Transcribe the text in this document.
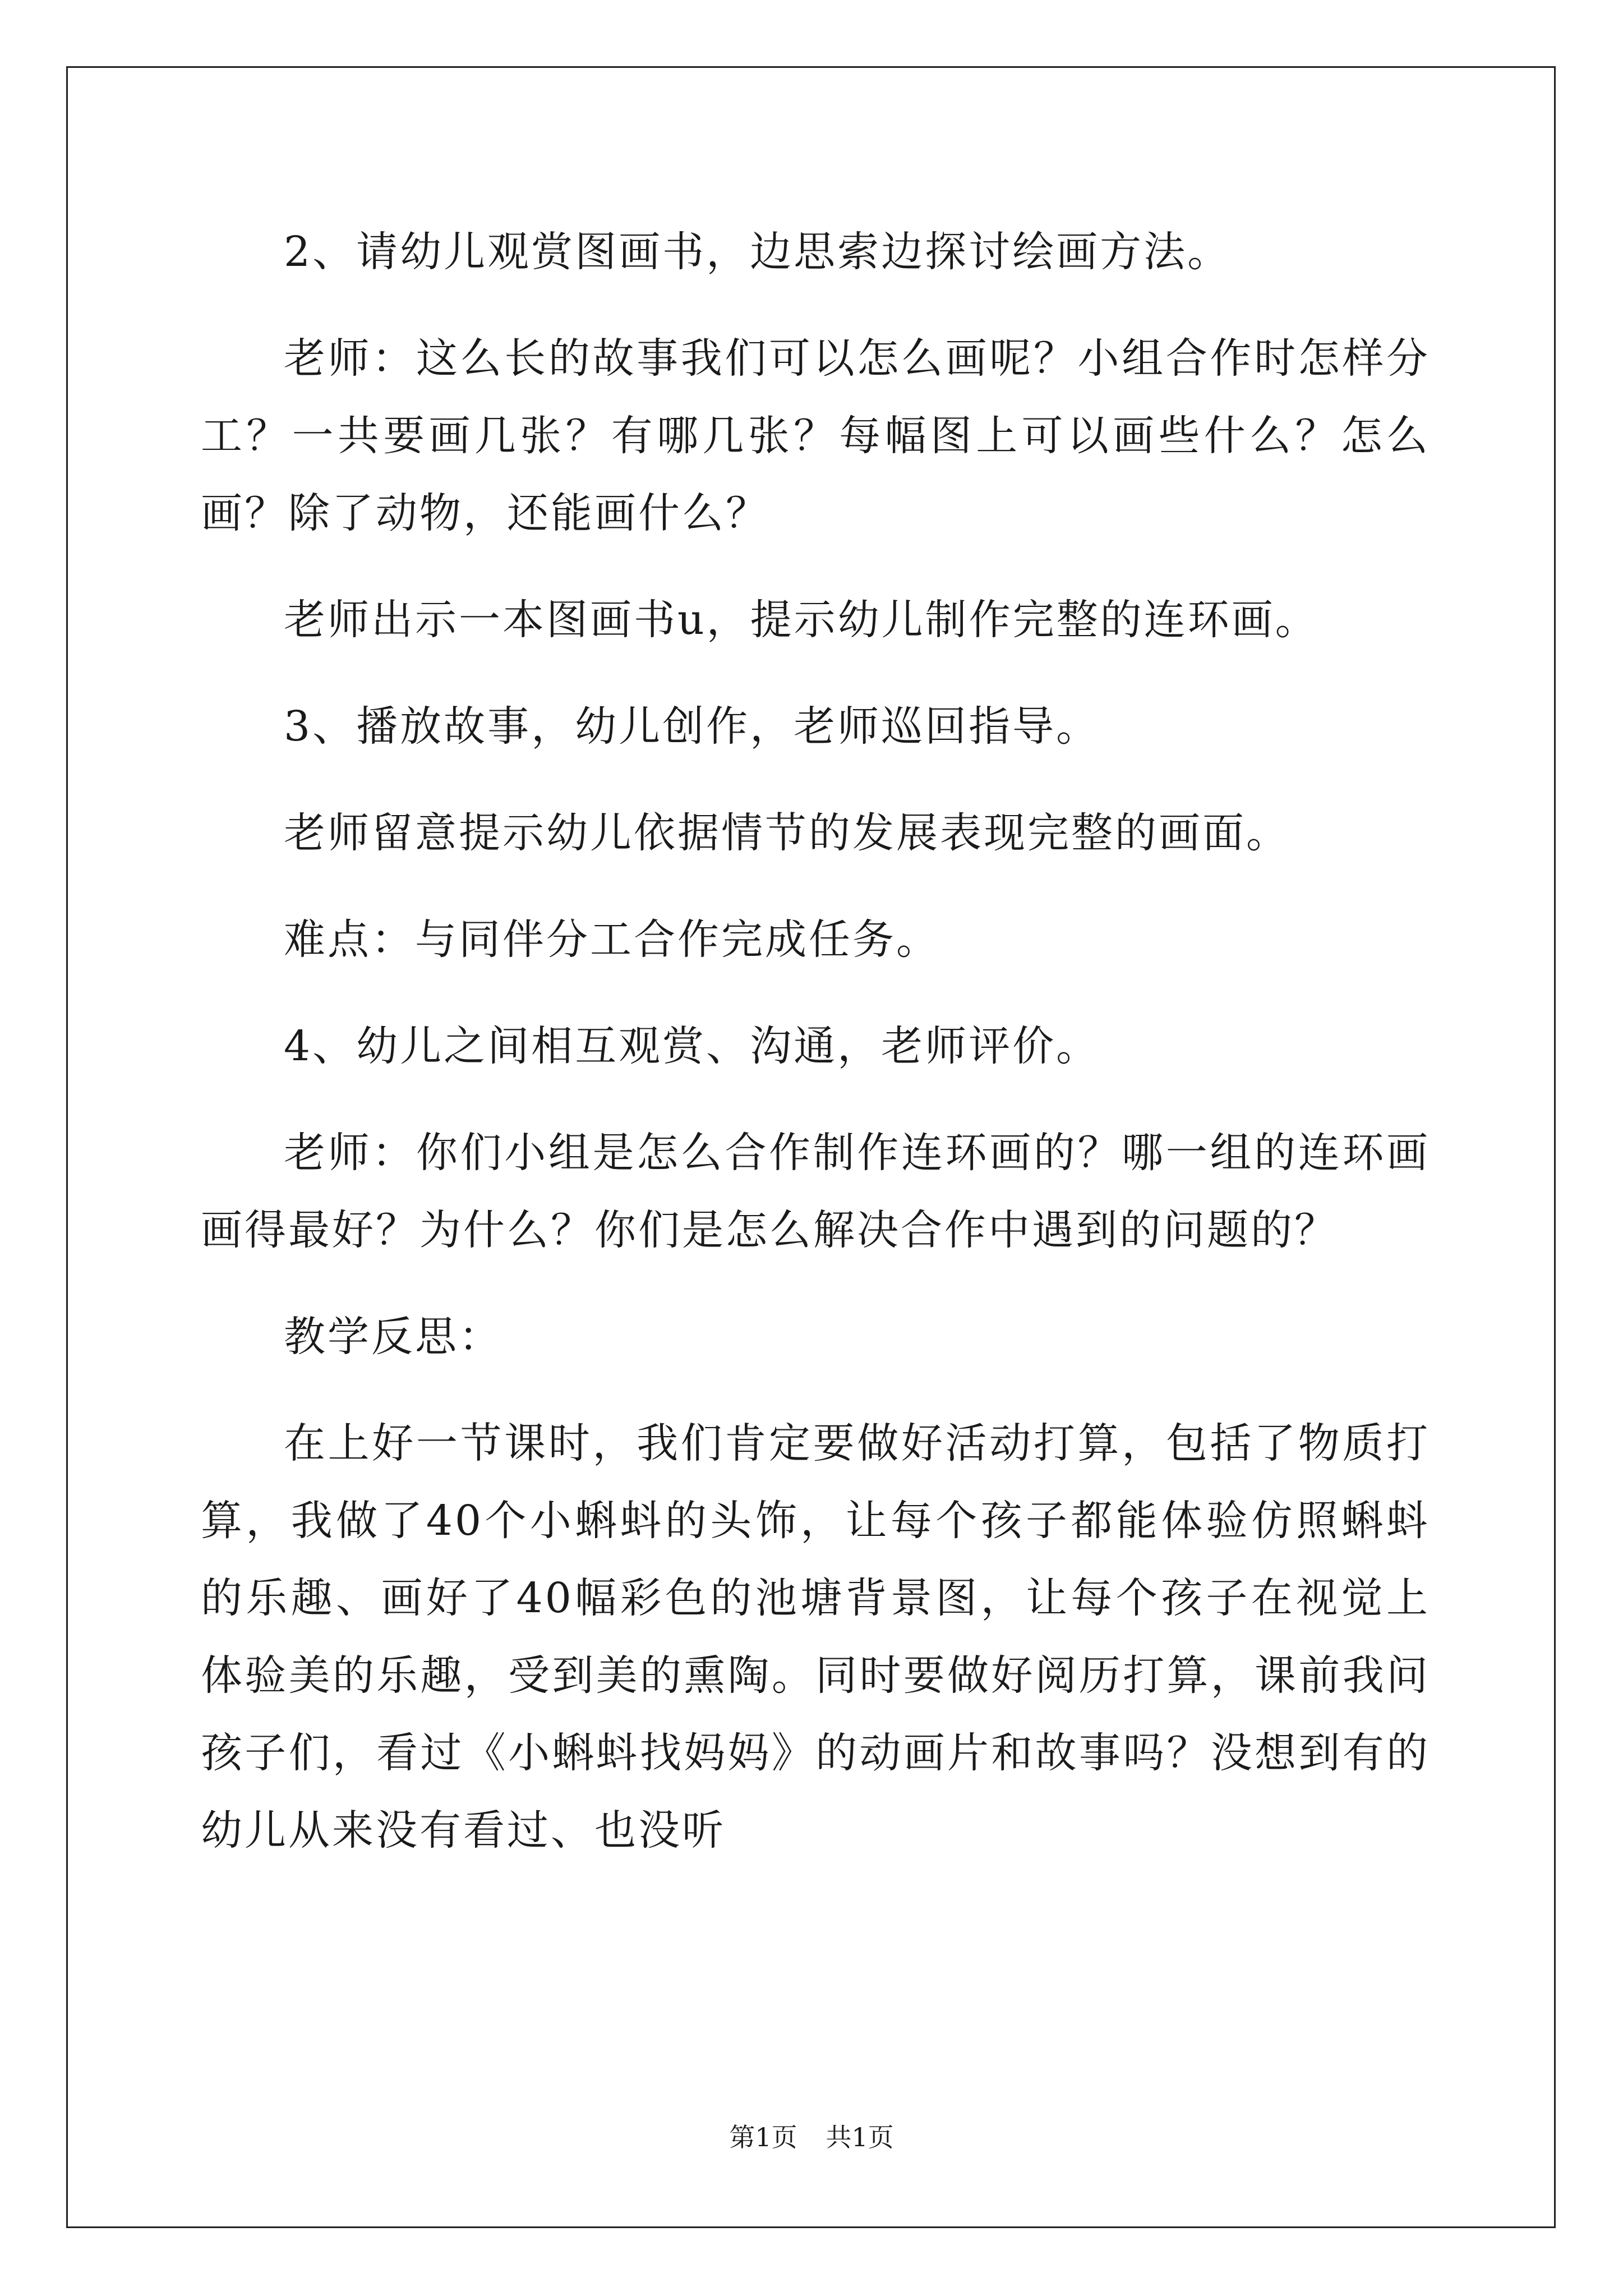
2、请幼儿观赏图画书，边思索边探讨绘画方法。

老师：这么长的故事我们可以怎么画呢？小组合作时怎样分工？一共要画几张？有哪几张？每幅图上可以画些什么？怎么画？除了动物，还能画什么？

老师出示一本图画书u，提示幼儿制作完整的连环画。

3、播放故事，幼儿创作，老师巡回指导。

老师留意提示幼儿依据情节的发展表现完整的画面。

难点：与同伴分工合作完成任务。

4、幼儿之间相互观赏、沟通，老师评价。

老师：你们小组是怎么合作制作连环画的？哪一组的连环画画得最好？为什么？你们是怎么解决合作中遇到的问题的？

教学反思：

在上好一节课时，我们肯定要做好活动打算，包括了物质打算，我做了40个小蝌蚪的头饰，让每个孩子都能体验仿照蝌蚪的乐趣、画好了40幅彩色的池塘背景图，让每个孩子在视觉上体验美的乐趣，受到美的熏陶。同时要做好阅历打算，课前我问孩子们，看过《小蝌蚪找妈妈》的动画片和故事吗？没想到有的幼儿从来没有看过、也没听

第1页 共1页
